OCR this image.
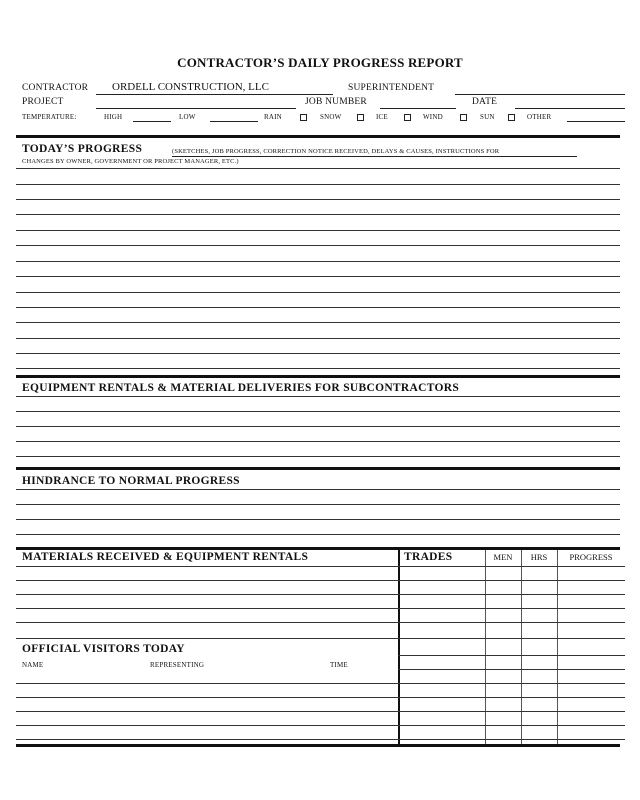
CONTRACTOR’S DAILY PROGRESS REPORT
CONTRACTOR ORDELL CONSTRUCTION, LLC	SUPERINTENDENT
PROJECT	JOB NUMBER	DATE
TEMPERATURE:	HIGH	LOW	RAIN	SNOW	ICE	WIND	SUN	OTHER
TODAY’S PROGRESS	(SKETCHES, JOB PROGRESS, CORRECTION NOTICE RECEIVED, DELAYS & CAUSES, INSTRUCTIONS FOR
CHANGES BY OWNER, GOVERNMENT OR PROJECT MANAGER, ETC.)
EQUIPMENT RENTALS & MATERIAL DELIVERIES FOR SUBCONTRACTORS
HINDRANCE TO NORMAL PROGRESS
MATERIALS RECEIVED & EQUIPMENT RENTALS	TRADES	MEN	HRS	PROGRESS
OFFICIAL VISITORS TODAY
NAME	REPRESENTING	TIME
